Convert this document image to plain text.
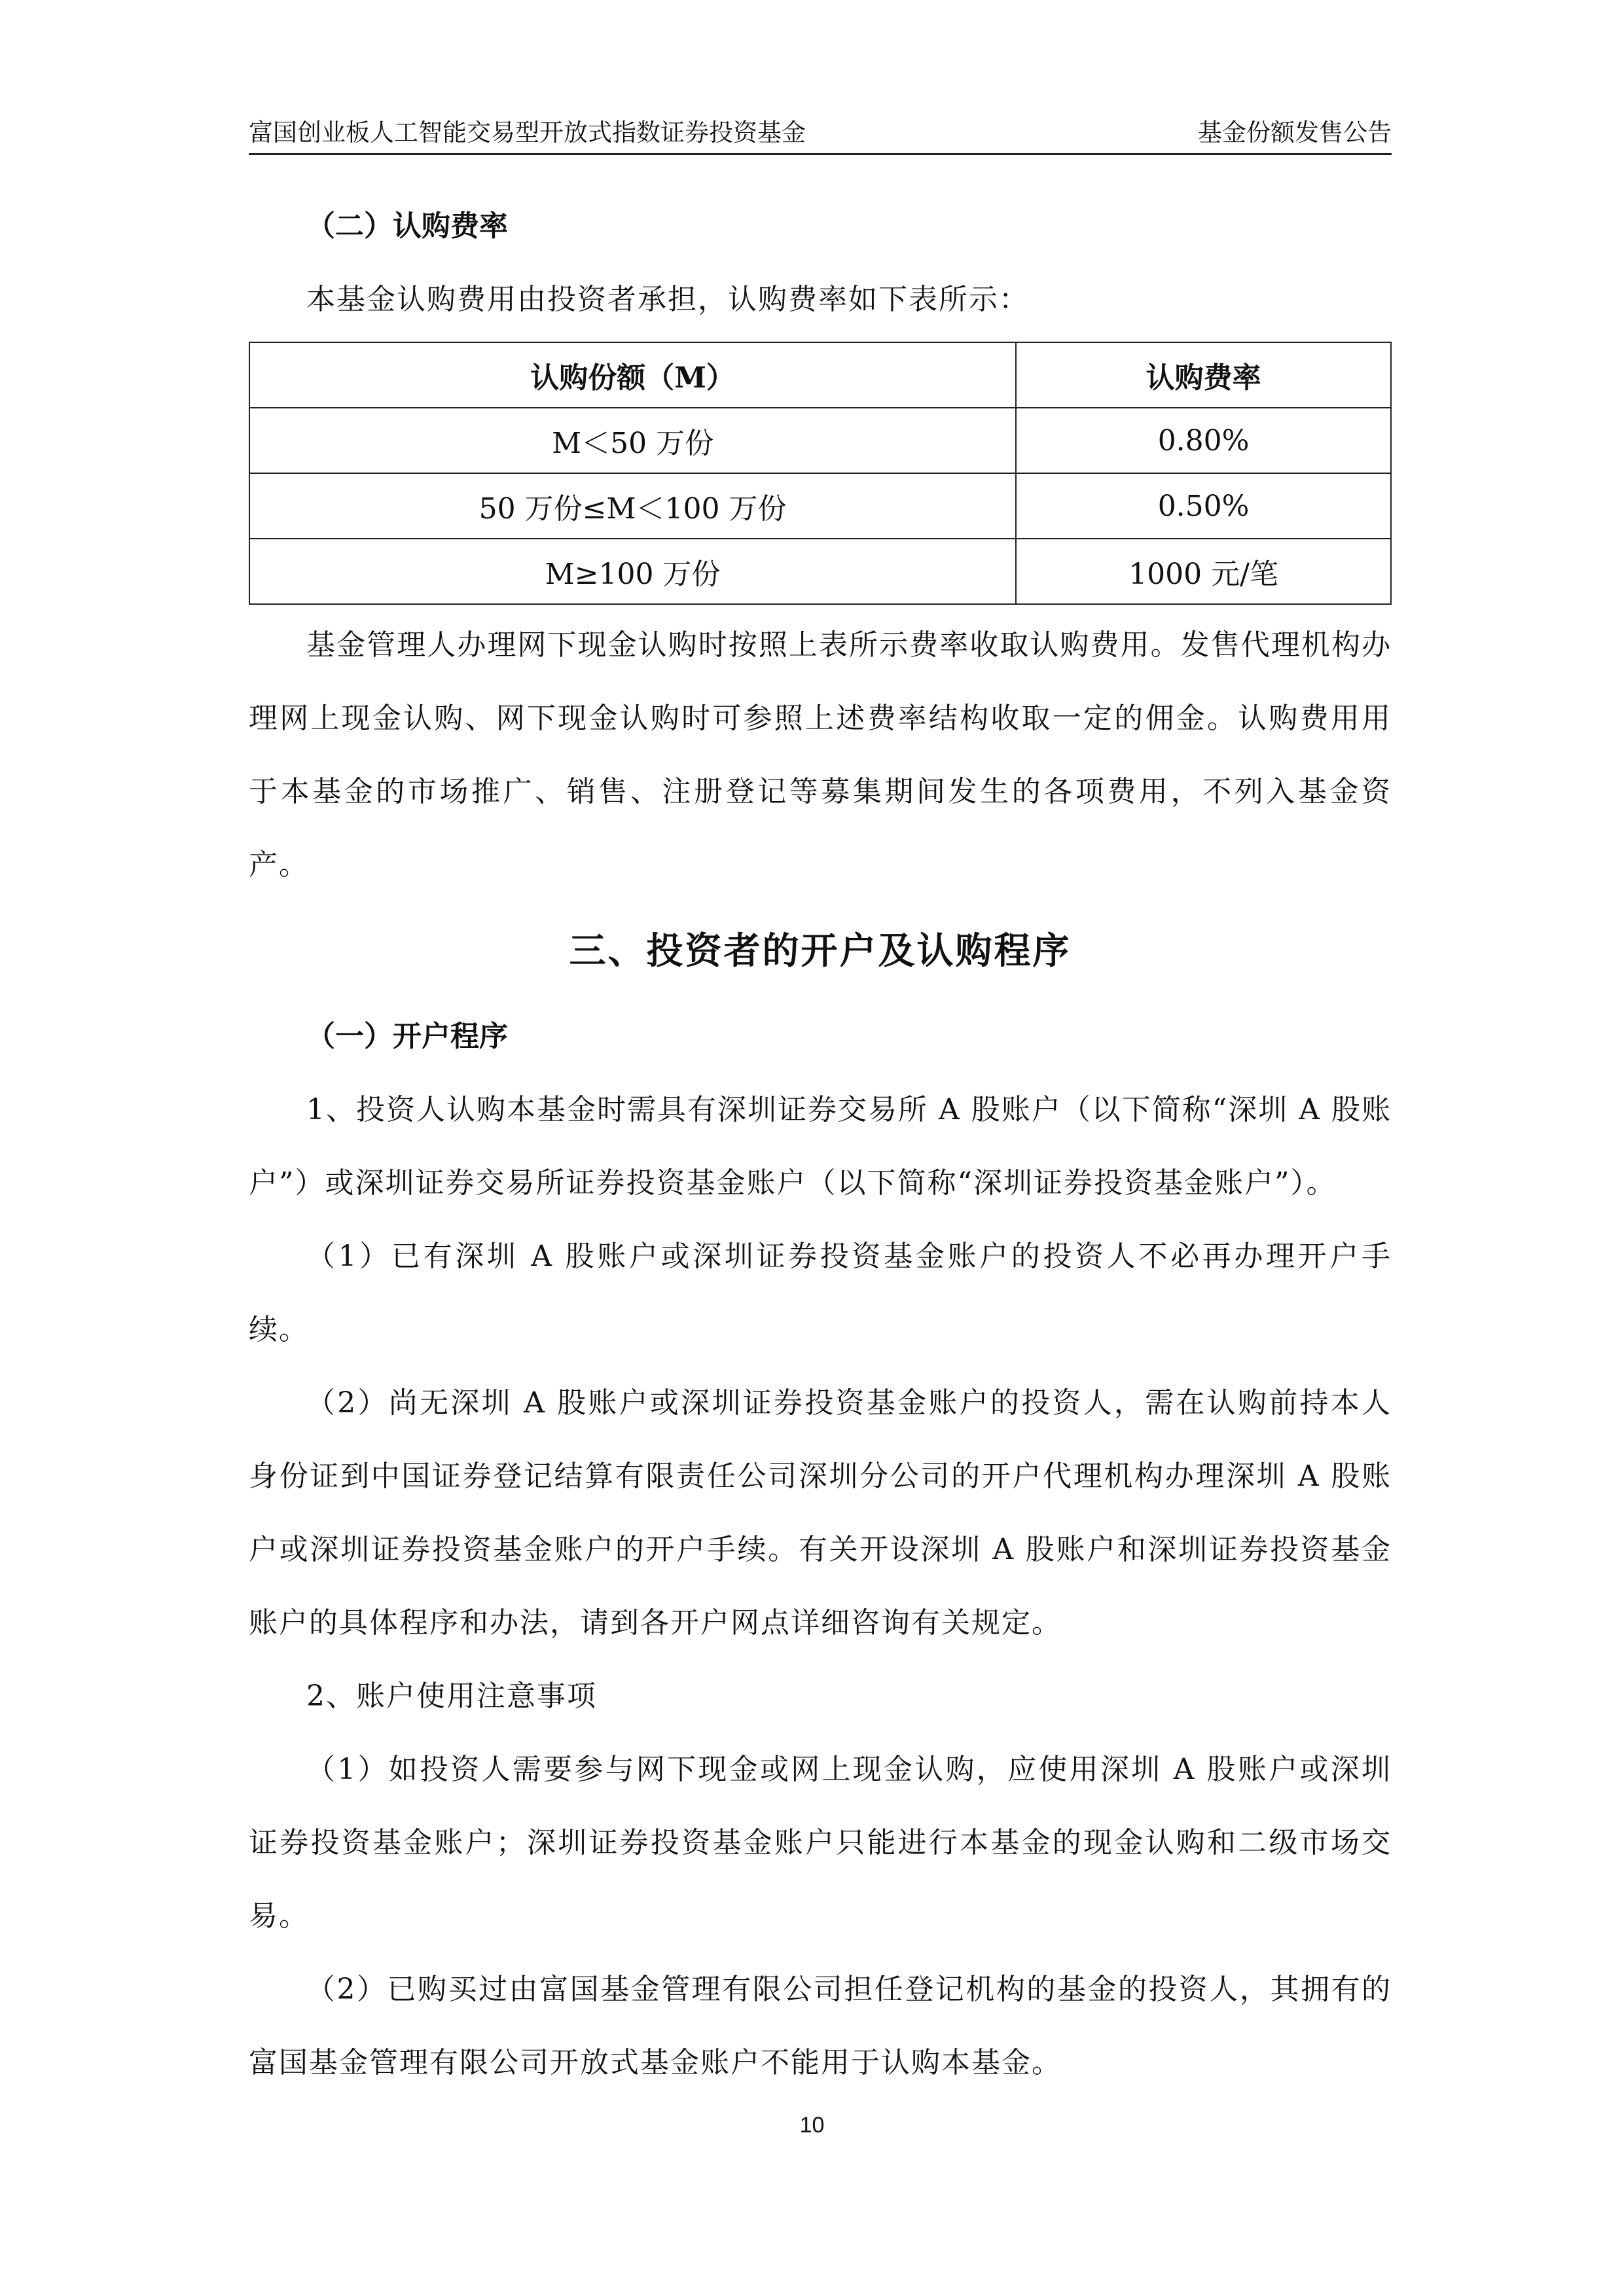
富国创业板人工智能交易型开放式指数证券投资基金	基金份额发售公告

（二）认购费率

本基金认购费用由投资者承担，认购费率如下表所示：

认购份额（M）	认购费率
M＜50 万份	0.80%
50 万份≤M＜100 万份	0.50%
M≥100 万份	1000 元/笔

基金管理人办理网下现金认购时按照上表所示费率收取认购费用。发售代理机构办理网上现金认购、网下现金认购时可参照上述费率结构收取一定的佣金。认购费用用于本基金的市场推广、销售、注册登记等募集期间发生的各项费用，不列入基金资产。

三、投资者的开户及认购程序

（一）开户程序

1、投资人认购本基金时需具有深圳证券交易所 A 股账户（以下简称“深圳 A 股账户”）或深圳证券交易所证券投资基金账户（以下简称“深圳证券投资基金账户”）。

（1）已有深圳 A 股账户或深圳证券投资基金账户的投资人不必再办理开户手续。

（2）尚无深圳 A 股账户或深圳证券投资基金账户的投资人，需在认购前持本人身份证到中国证券登记结算有限责任公司深圳分公司的开户代理机构办理深圳 A 股账户或深圳证券投资基金账户的开户手续。有关开设深圳 A 股账户和深圳证券投资基金账户的具体程序和办法，请到各开户网点详细咨询有关规定。

2、账户使用注意事项

（1）如投资人需要参与网下现金或网上现金认购，应使用深圳 A 股账户或深圳证券投资基金账户；深圳证券投资基金账户只能进行本基金的现金认购和二级市场交易。

（2）已购买过由富国基金管理有限公司担任登记机构的基金的投资人，其拥有的富国基金管理有限公司开放式基金账户不能用于认购本基金。

10
